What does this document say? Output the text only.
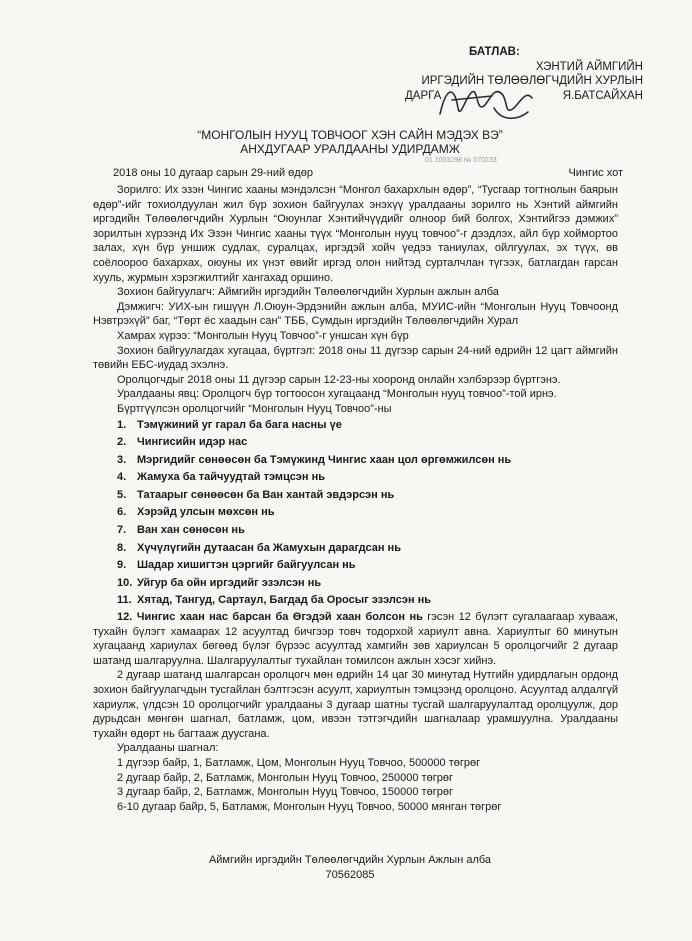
БАТЛАВ:
ХЭНТИЙ АЙМГИЙН
ИРГЭДИЙН ТӨЛӨӨЛӨГЧДИЙН ХУРЛЫН
ДАРГА	Я.БАТСАЙХАН
“МОНГОЛЫН НУУЦ ТОВЧООГ ХЭН САЙН МЭДЭХ ВЭ”
АНХДУГААР УРАЛДААНЫ УДИРДАМЖ
01.1003298 № 070233
2018 оны 10 дугаар сарын 29-ний өдөр	Чингис хот

Зорилго: Их эзэн Чингис хааны мэндэлсэн “Монгол бахархлын өдөр”, “Тусгаар тогтнолын баярын өдөр”-ийг тохиолдуулан жил бүр зохион байгуулах энэхүү уралдааны зорилго нь Хэнтий аймгийн иргэдийн Төлөөлөгчдийн Хурлын “Оюунлаг Хэнтийчүүдийг олноор бий болгох, Хэнтийгээ дэмжих” зорилтын хүрээнд Их Эзэн Чингис хааны түүх “Монголын нууц товчоо”-г дээдлэх, айл бүр хоймортоо залах, хүн бүр уншиж судлах, суралцах, иргэдэй хойч үедээ таниулах, ойлгуулах, эх түүх, өв соёлоороо бахархах, оюуны их үнэт өвийг иргэд олон нийтэд сурталчлан түгээх, батлагдан гарсан хууль, журмын хэрэгжилтийг хангахад оршино.

Зохион байгуулагч: Аймгийн иргэдийн Төлөөлөгчдийн Хурлын ажлын алба

Дэмжигч: УИХ-ын гишүүн Л.Оюун-Эрдэнийн ажлын алба, МУИС-ийн “Монголын Нууц Товчоонд Нэвтрэхүй” баг, “Төрт ёс хаадын сан” ТББ, Сумдын иргэдийн Төлөөлөгчдийн Хурал

Хамрах хүрээ: “Монголын Нууц Товчоо”-г уншсан хүн бүр

Зохион байгуулагдах хугацаа, бүртгэл: 2018 оны 11 дүгээр сарын 24-ний өдрийн 12 цагт аймгийн төвийн ЕБС-иудад эхэлнэ.

Оролцогчдыг 2018 оны 11 дүгээр сарын 12-23-ны хооронд онлайн хэлбэрээр бүртгэнэ.

Уралдааны явц: Оролцогч бүр тогтоосон хугацаанд “Монголын нууц товчоо”-той ирнэ.

Бүртгүүлсэн оролцогчийг “Монголын Нууц Товчоо”-ны

1. Тэмүжиний уг гарал ба бага насны үе
2. Чингисийн идэр нас
3. Мэргидийг сөнөөсөн ба Тэмүжинд Чингис хаан цол өргөмжилсөн нь
4. Жамуха ба тайчуудтай тэмцсэн нь
5. Татаарыг сөнөөсөн ба Ван хантай эвдэрсэн нь
6. Хэрэйд улсын мөхсөн нь
7. Ван хан сөнөсөн нь
8. Хүчүлүгийн дутаасан ба Жамухын дарагдсан нь
9. Шадар хишигтэн цэргийг байгуулсан нь
10. Уйгур ба ойн иргэдийг эзэлсэн нь
11. Хятад, Тангуд, Сартаул, Багдад ба Оросыг эзэлсэн нь
12. Чингис хаан нас барсан ба Өгэдэй хаан болсон нь гэсэн 12 бүлэгт сугалаагаар хувааж, тухайн бүлэгт хамаарах 12 асуултад бичгээр товч тодорхой хариулт авна. Хариултыг 60 минутын хугацаанд хариулах бөгөөд бүлэг бүрээс асуултад хамгийн зөв хариулсан 5 оролцогчийг 2 дугаар шатанд шалгаруулна. Шалгаруулалтыг тухайлан томилсон ажлын хэсэг хийнэ.

2 дугаар шатанд шалгарсан оролцогч мөн өдрийн 14 цаг 30 минутад Нутгийн удирдлагын ордонд зохион байгуулагчдын тусгайлан бэлтгэсэн асуулт, хариултын тэмцээнд оролцоно. Асуултад алдалгүй хариулж, үлдсэн 10 оролцогчийг уралдааны 3 дугаар шатны тусгай шалгаруулалтад оролцуулж, дор дурьдсан мөнгөн шагнал, батламж, цом, ивээн тэтгэгчдийн шагналаар урамшуулна. Уралдааны тухайн өдөрт нь багтааж дуусгана.

Уралдааны шагнал:

1 дүгээр байр, 1, Батламж, Цом, Монголын Нууц Товчоо, 500000 төгрөг
2 дугаар байр, 2, Батламж, Монголын Нууц Товчоо, 250000 төгрөг
3 дугаар байр, 2, Батламж, Монголын Нууц Товчоо, 150000 төгрөг
6-10 дугаар байр, 5, Батламж, Монголын Нууц Товчоо, 50000 мянган төгрөг
Аймгийн иргэдийн Төлөөлөгчдийн Хурлын Ажлын алба
70562085
